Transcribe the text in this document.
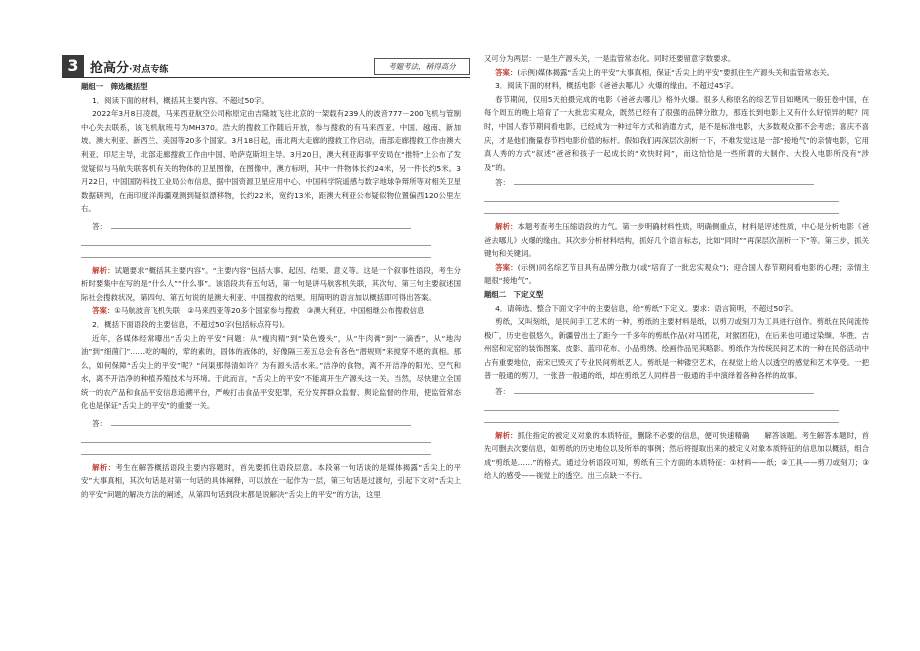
3 抢高分·对点专练	考题考法，稍得高分

题组一　筛选概括型

1．阅读下面的材料，概括其主要内容。不超过50字。

2022年3月8日凌晨，马来西亚航空公司称原定由吉隆坡飞往北京的一架载有239人的波音777－200飞机与管制中心失去联系，该飞机航班号为MH370。浩大的搜救工作随后开放，参与搜救的有马来西亚、中国、越南、新加坡、澳大利亚、新西兰、美国等20多个国家。3月18日起，南北两大走廊的搜救工作启动，南部走廊搜救工作由澳大利亚、印尼主导，北部走廊搜救工作由中国、哈萨克斯坦主导。3月20日，澳大利亚海事平安局在“推特”上公布了发觉疑似与马航失联客机有关的物体的卫星图像，在图像中，澳方标明，其中一件物体长约24米，另一件长约5米。3月22日，中国国防科技工业局公布信息，据中国资源卫星应用中心、中国科学院遥感与数字地球争辩所等对相关卫星数据研判，在南印度洋海疆观测到疑似漂移物，长约22米，宽约13米，距澳大利亚公布疑似物位置偏西120公里左右。

答：

解析：试题要求“概括其主要内容”。“主要内容”包括大事、起因、结果、意义等。这是一个叙事性语段，考生分析时要集中在写的是“什么人”“什么事”。该语段共有五句话，第一句是讲马航客机失联，其次句、第三句主要叙述国际社会搜救状况，第四句、第五句说的是澳大利亚、中国搜救的结果。用简明的语言加以概括即可得出答案。

答案：①马航波音飞机失联　②马来西亚等20多个国家参与搜救　③澳大利亚、中国相继公布搜救信息

2．概括下面语段的主要信息，不超过50字(包括标点符号)。

近年，各媒体经常曝出“舌尖上的平安”问题：从“瘦肉精”到“染色馒头”，从“牛肉膏”到“一滴香”，从“地沟油”到“细菌门”……吃的喝的，荤的素的，固体的液体的，好像隔三差五总会有各色“潜规则”来搅穿不堪的真相。那么，如何保障“舌尖上的平安”呢？“问渠那得清如许？为有源头活水来。”洁净的食物，离不开洁净的阳光、空气和水，离不开洁净的种植养殖技术与环境。于此而言，“舌尖上的平安”不能离开生产源头这一关。当然，尽快建立全国统一的农产品和食品平安信息追溯平台，严峻打击食品平安犯罪，充分发挥群众监督、舆论监督的作用，使监管常态化也是保证“舌尖上的平安”的重要一关。

答：

解析：考生在解答概括语段主要内容题时，首先要抓住语段层意。本段第一句话谈的是媒体揭露“舌尖上的平安”大事真相，其次句话是对第一句话的具体阐释，可以放在一起作为一层，第三句话是过渡句，引起下文对“舌尖上的平安”问题的解决方法的阐述，从第四句话到段末都是说解决“舌尖上的平安”的方法，这里

又可分为两层：一是生产源头关，一是监管常态化。同时还要留意字数要求。

答案：(示例)媒体揭露“舌尖上的平安”大事真相，保证“舌尖上的平安”要抓住生产源头关和监管常态关。

3．阅读下面的材料，概括电影《爸爸去哪儿》火爆的缘由。不超过45字。

春节期间，仅用5天拍摄完成的电影《爸爸去哪儿》格外火爆。很多人称原名的综艺节目如飓风一般狂卷中国，在每个周五的晚上培育了一大批忠实观众，既然已经有了很强的品牌分散力，那连长到电影上又有什么好惊异的呢？同时，中国人春节期间看电影，已经成为一种过年方式和消遣方式，是不是标准电影，大多数观众都不会考虑；喜庆不喜庆，才是他们衡量春节档电影价值的标杆。假如我们再深层次剖析一下，不难发觉这是一部“接地气”的亲情电影，它用真人秀的方式“叙述”爸爸和孩子一起成长的“欢快时间”，而这恰恰是一些所谓的大制作、大投入电影所没有“涉及”的。

答：

解析：本题考查考生压缩语段的力气。第一步明确材料性质，明确侧重点，材料是评述性质，中心是分析电影《爸爸去哪儿》火爆的缘由。其次步分析材料结构，抓好几个语言标志，比如“同时”“再深层次剖析一下”等。第三步，抓关键句和关键词。

答案：(示例)同名综艺节目具有品牌分散力(或“培育了一批忠实观众”)；迎合国人春节期间看电影的心理；亲情主题很“接地气”。

题组二　下定义型

4．请筛选、整合下面文字中的主要信息，给“剪纸”下定义。要求：语言简明，不超过50字。

剪纸，又叫刻纸，是民间手工艺术的一种，剪纸的主要材料是纸，以剪刀或刻刀为工具进行创作。剪纸在民间流传极广，历史也很悠久，新疆曾出土了距今一千多年的剪纸作品(对马团花，对猴团花)，在后来也可通过染缬、华胜、吉州窑和定窑的装饰图案、皮影、蓝印花布、小品剪绣、绘画作品见其略影。剪纸作为传统民间艺术的一种在民俗活动中占有重要地位，南宋已毁灭了专业民间剪纸艺人。剪纸是一种镂空艺术，在视觉上给人以透空的感觉和艺术享受。一把普一般通的剪刀，一张普一般通的纸，却在剪纸艺人同样普一般通的手中演绎着各种各样的故事。

答：

解析：抓住指定的被定义对象的本质特征，删除不必要的信息，便可快速精确　　解答该题。考生解答本题时，首先可删去次要信息，如剪纸的历史地位以及所举的事例；然后将提取出来的被定义对象本质特征的信息加以概括，组合成“剪纸是……”的格式。通过分析语段可知，剪纸有三个方面的本质特征：①材料——纸；②工具——剪刀或刻刀；③给人的感受——视觉上的透空。出三点缺一不行。
